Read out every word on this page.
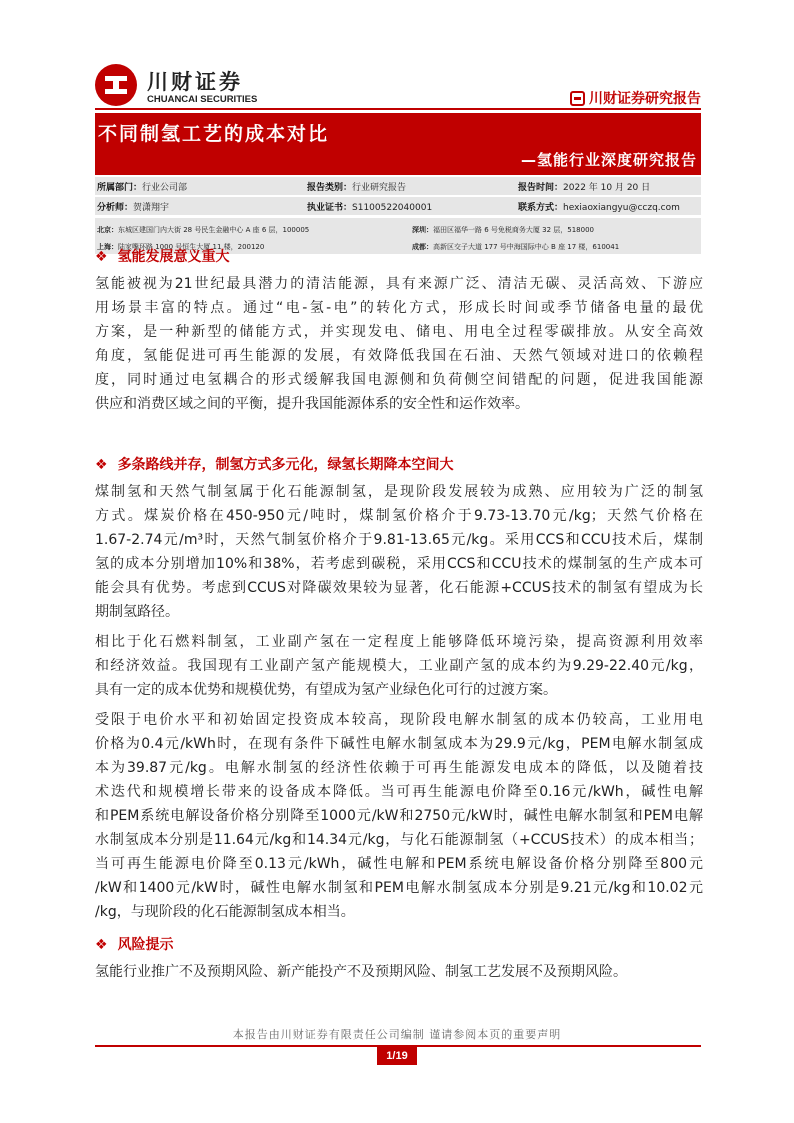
川财证券
CHUANCAI SECURITIES	川财证券研究报告
不同制氢工艺的成本对比
—氢能行业深度研究报告
所属部门：行业公司部	报告类别：行业研究报告	报告时间：2022 年 10 月 20 日
分析师：贺潇翔宇	执业证书：S1100522040001	联系方式：hexiaoxiangyu@cczq.com
北京：东城区建国门内大街 28 号民生金融中心 A 座 6 层，100005	深圳：福田区福华一路 6 号免税商务大厦 32 层，518000
上海：陆家嘴环路 1000 号恒生大厦 11 楼，200120	成都：高新区交子大道 177 号中海国际中心 B 座 17 楼，610041
❖ 氢能发展意义重大
氢能被视为21世纪最具潜力的清洁能源，具有来源广泛、清洁无碳、灵活高效、下游应
用场景丰富的特点。通过“电-氢-电”的转化方式，形成长时间或季节储备电量的最优
方案，是一种新型的储能方式，并实现发电、储电、用电全过程零碳排放。从安全高效
角度，氢能促进可再生能源的发展，有效降低我国在石油、天然气领域对进口的依赖程
度，同时通过电氢耦合的形式缓解我国电源侧和负荷侧空间错配的问题，促进我国能源
供应和消费区域之间的平衡，提升我国能源体系的安全性和运作效率。
❖ 多条路线并存，制氢方式多元化，绿氢长期降本空间大
煤制氢和天然气制氢属于化石能源制氢，是现阶段发展较为成熟、应用较为广泛的制氢
方式。煤炭价格在450-950元/吨时，煤制氢价格介于9.73-13.70元/kg；天然气价格在
1.67-2.74元/m³时，天然气制氢价格介于9.81-13.65元/kg。采用CCS和CCU技术后，煤制
氢的成本分别增加10%和38%，若考虑到碳税，采用CCS和CCU技术的煤制氢的生产成本可
能会具有优势。考虑到CCUS对降碳效果较为显著，化石能源+CCUS技术的制氢有望成为长
期制氢路径。
相比于化石燃料制氢，工业副产氢在一定程度上能够降低环境污染，提高资源利用效率
和经济效益。我国现有工业副产氢产能规模大，工业副产氢的成本约为9.29-22.40元/kg，
具有一定的成本优势和规模优势，有望成为氢产业绿色化可行的过渡方案。
受限于电价水平和初始固定投资成本较高，现阶段电解水制氢的成本仍较高，工业用电
价格为0.4元/kWh时，在现有条件下碱性电解水制氢成本为29.9元/kg，PEM电解水制氢成
本为39.87元/kg。电解水制氢的经济性依赖于可再生能源发电成本的降低，以及随着技
术迭代和规模增长带来的设备成本降低。当可再生能源电价降至0.16元/kWh，碱性电解
和PEM系统电解设备价格分别降至1000元/kW和2750元/kW时，碱性电解水制氢和PEM电解
水制氢成本分别是11.64元/kg和14.34元/kg，与化石能源制氢（+CCUS技术）的成本相当；
当可再生能源电价降至0.13元/kWh，碱性电解和PEM系统电解设备价格分别降至800元
/kW和1400元/kW时，碱性电解水制氢和PEM电解水制氢成本分别是9.21元/kg和10.02元
/kg，与现阶段的化石能源制氢成本相当。
❖ 风险提示
氢能行业推广不及预期风险、新产能投产不及预期风险、制氢工艺发展不及预期风险。
本报告由川财证券有限责任公司编制 谨请参阅本页的重要声明
1/19
